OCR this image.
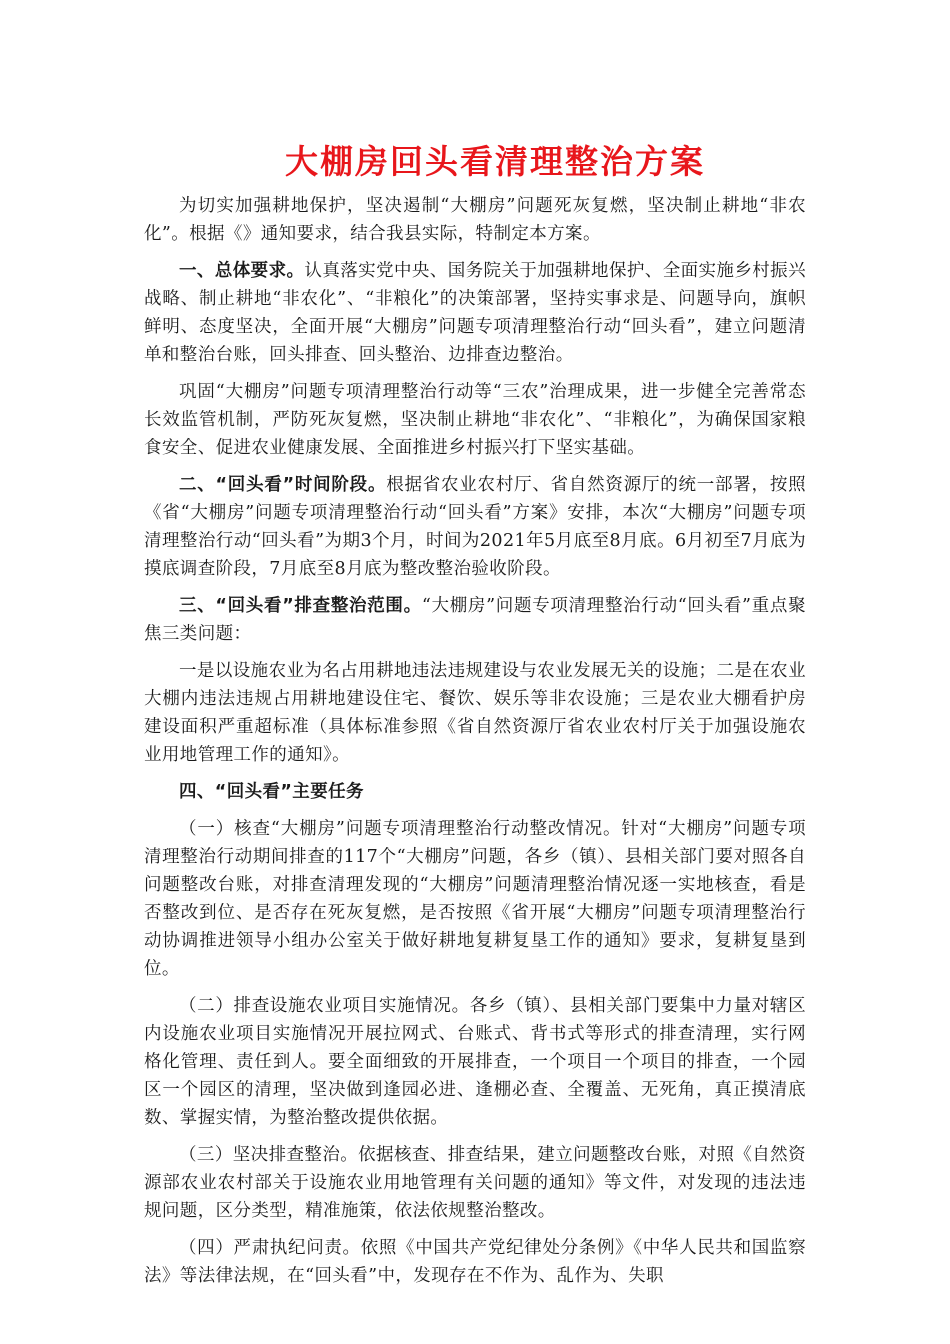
大棚房回头看清理整治方案

为切实加强耕地保护，坚决遏制“大棚房”问题死灰复燃，坚决制止耕地“非农化”。根据《》通知要求，结合我县实际，特制定本方案。

一、总体要求。认真落实党中央、国务院关于加强耕地保护、全面实施乡村振兴战略、制止耕地“非农化”、“非粮化”的决策部署，坚持实事求是、问题导向，旗帜鲜明、态度坚决，全面开展“大棚房”问题专项清理整治行动“回头看”，建立问题清单和整治台账，回头排查、回头整治、边排查边整治。

巩固“大棚房”问题专项清理整治行动等“三农”治理成果，进一步健全完善常态长效监管机制，严防死灰复燃，坚决制止耕地“非农化”、“非粮化”，为确保国家粮食安全、促进农业健康发展、全面推进乡村振兴打下坚实基础。

二、“回头看”时间阶段。根据省农业农村厅、省自然资源厅的统一部署，按照《省“大棚房”问题专项清理整治行动“回头看”方案》安排，本次“大棚房”问题专项清理整治行动“回头看”为期3个月，时间为2021年5月底至8月底。6月初至7月底为摸底调查阶段，7月底至8月底为整改整治验收阶段。

三、“回头看”排查整治范围。“大棚房”问题专项清理整治行动“回头看”重点聚焦三类问题：

一是以设施农业为名占用耕地违法违规建设与农业发展无关的设施；二是在农业大棚内违法违规占用耕地建设住宅、餐饮、娱乐等非农设施；三是农业大棚看护房建设面积严重超标准（具体标准参照《省自然资源厅省农业农村厅关于加强设施农业用地管理工作的通知》。

四、“回头看”主要任务

（一）核查“大棚房”问题专项清理整治行动整改情况。针对“大棚房”问题专项清理整治行动期间排查的117个“大棚房”问题，各乡（镇）、县相关部门要对照各自问题整改台账，对排查清理发现的“大棚房”问题清理整治情况逐一实地核查，看是否整改到位、是否存在死灰复燃，是否按照《省开展“大棚房”问题专项清理整治行动协调推进领导小组办公室关于做好耕地复耕复垦工作的通知》要求，复耕复垦到位。

（二）排查设施农业项目实施情况。各乡（镇）、县相关部门要集中力量对辖区内设施农业项目实施情况开展拉网式、台账式、背书式等形式的排查清理，实行网格化管理、责任到人。要全面细致的开展排查，一个项目一个项目的排查，一个园区一个园区的清理，坚决做到逢园必进、逢棚必查、全覆盖、无死角，真正摸清底数、掌握实情，为整治整改提供依据。

（三）坚决排查整治。依据核查、排查结果，建立问题整改台账，对照《自然资源部农业农村部关于设施农业用地管理有关问题的通知》等文件，对发现的违法违规问题，区分类型，精准施策，依法依规整治整改。

（四）严肃执纪问责。依照《中国共产党纪律处分条例》《中华人民共和国监察法》等法律法规，在“回头看”中，发现存在不作为、乱作为、失职
